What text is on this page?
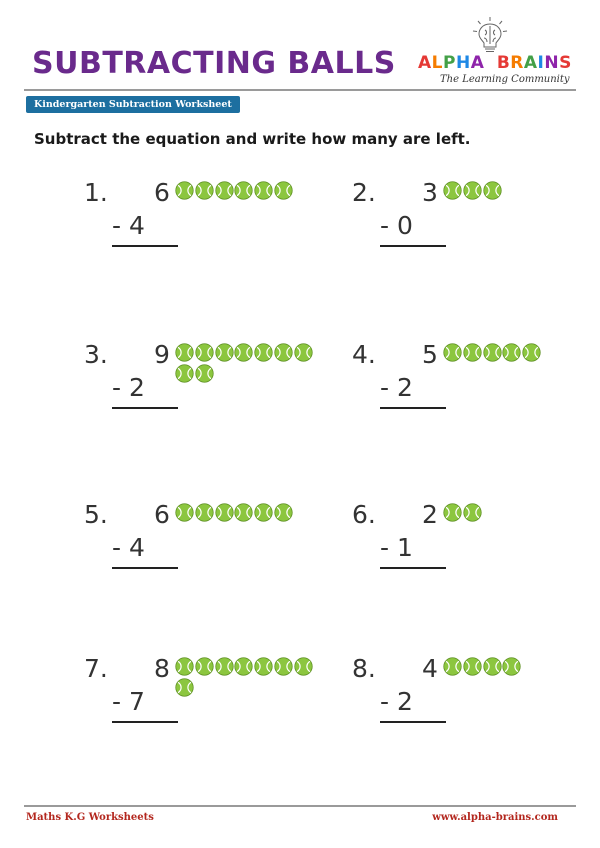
SUBTRACTING BALLS ALPHA BRAINS
The Learning Community
Kindergarten Subtraction Worksheet

Subtract the equation and write how many are left.

1. 6
- 4
2. 3
- 0
3. 9
- 2
4. 5
- 2
5. 6
- 4
6. 2
- 1
7. 8
- 7
8. 4
- 2
Maths K.G Worksheets	www.alpha-brains.com
